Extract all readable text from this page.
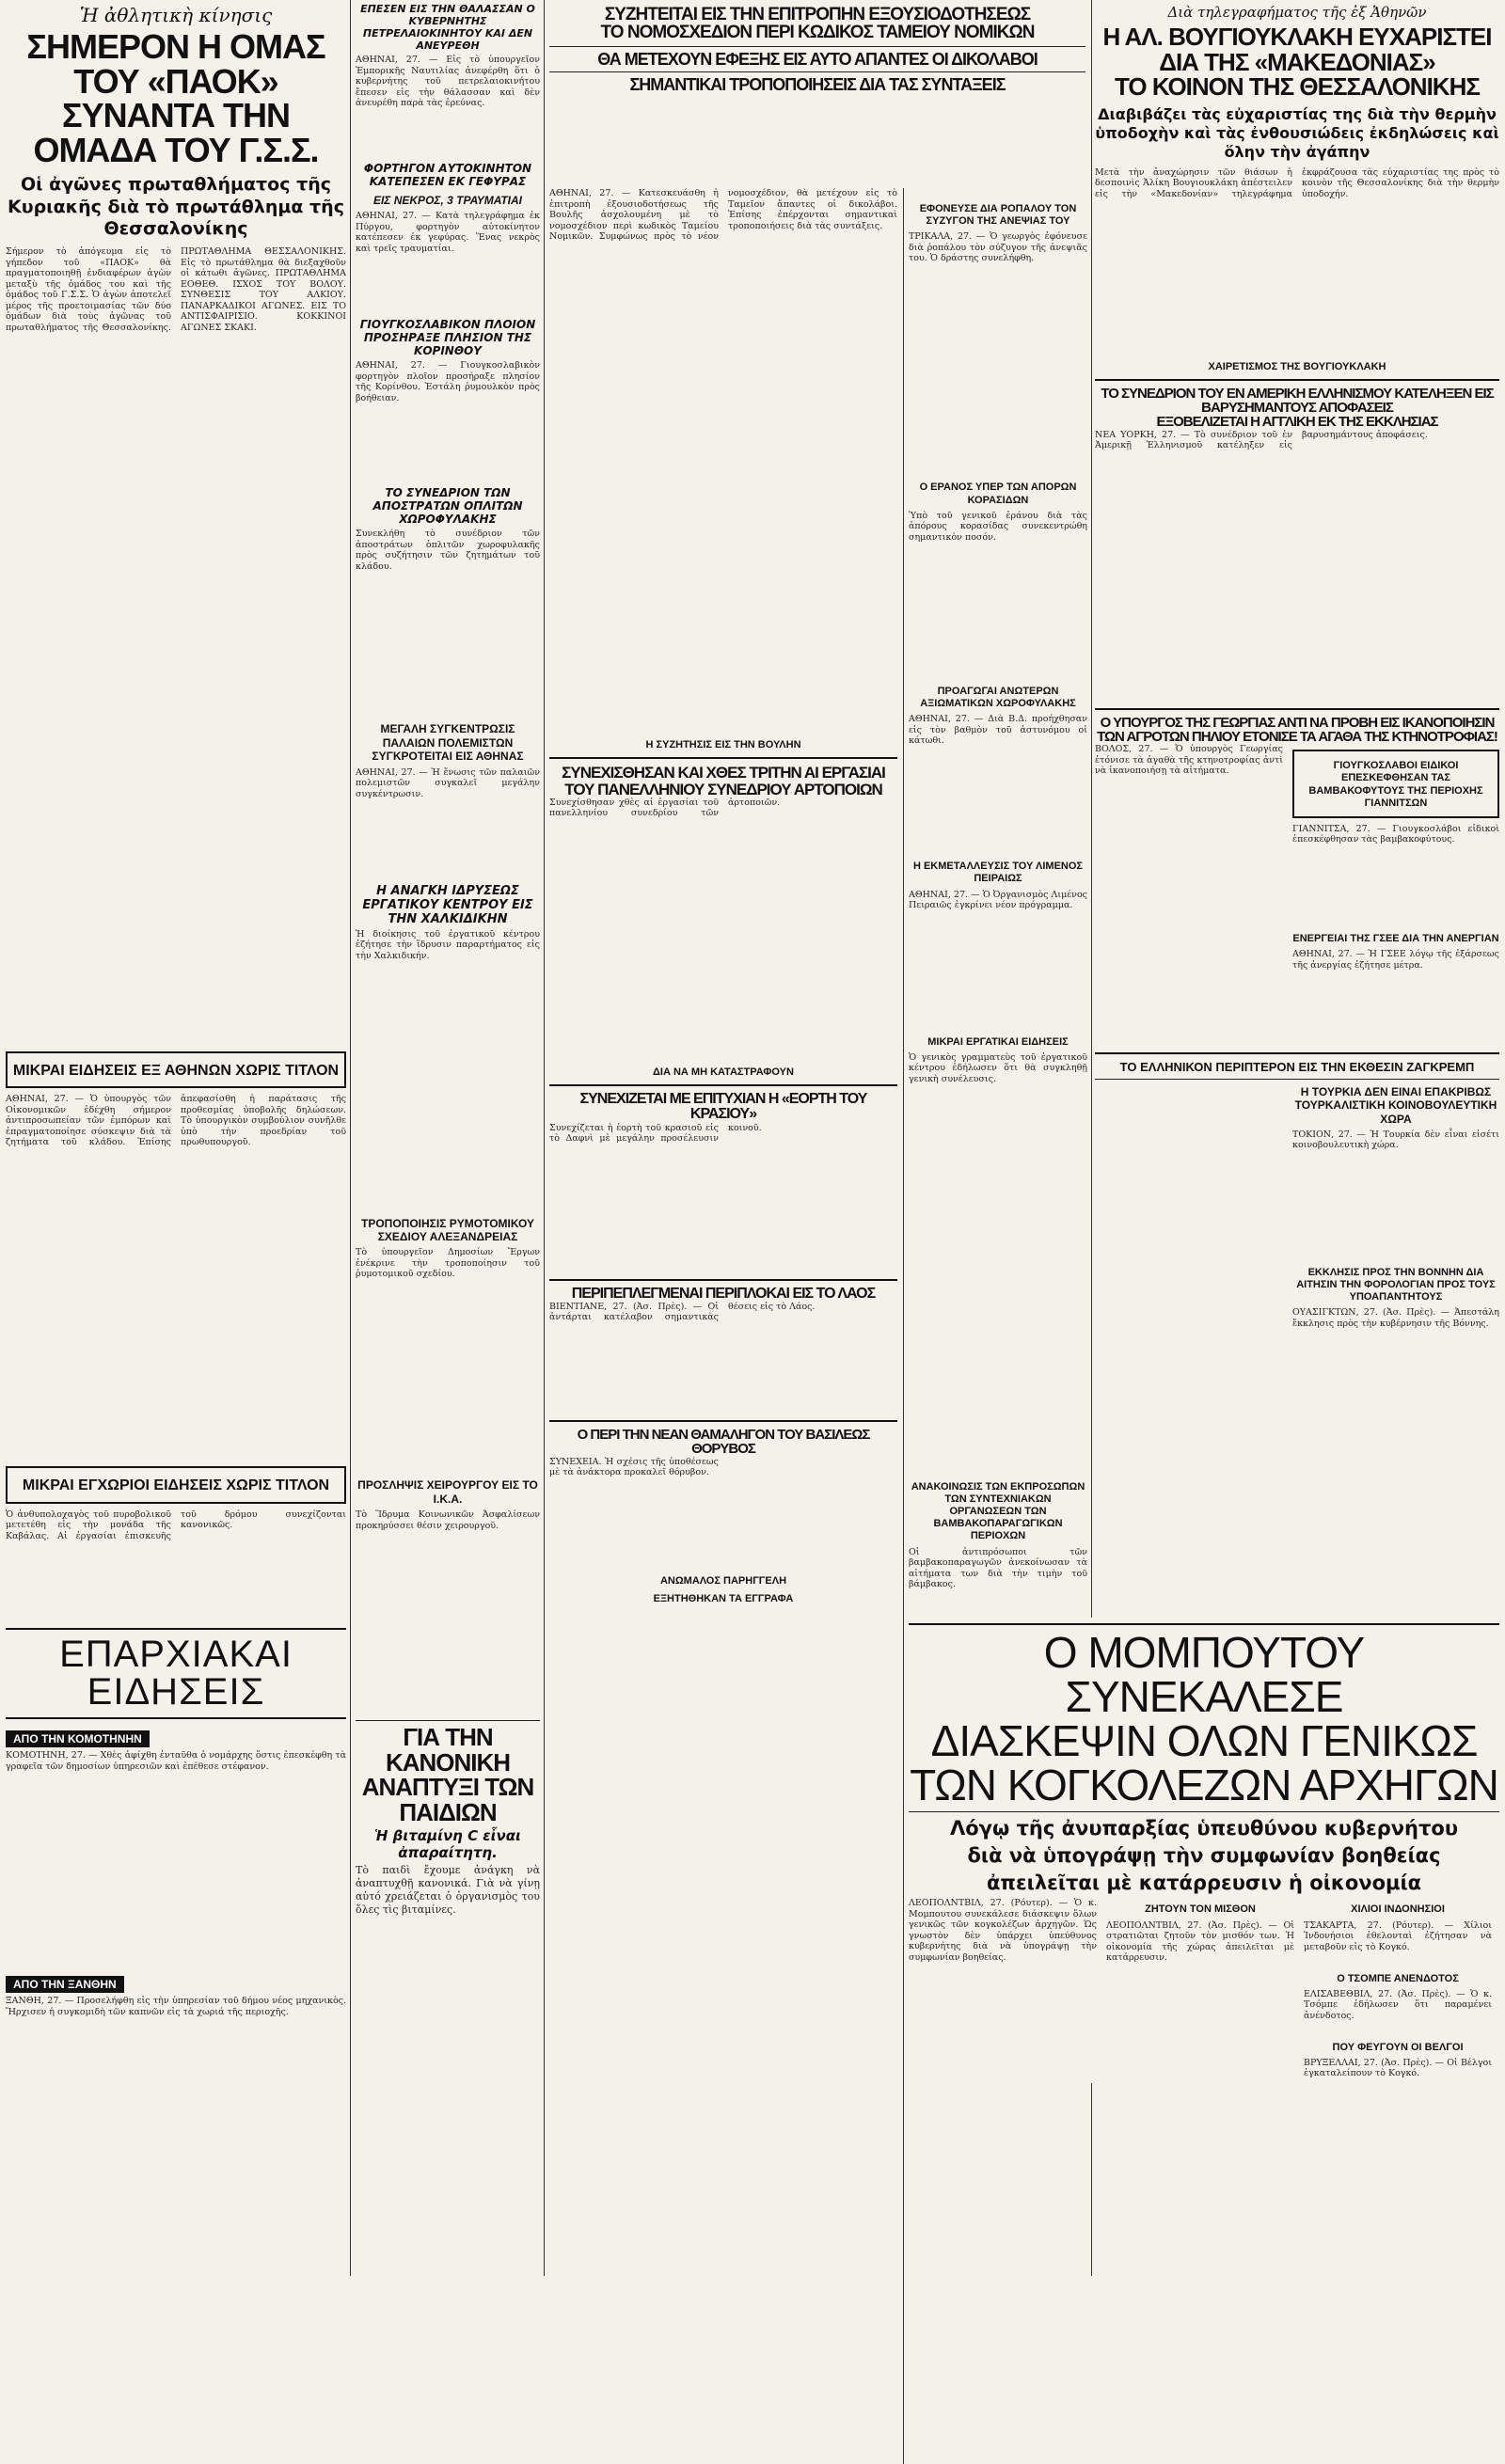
Ἡ ἀθλητικὴ κίνησις
ΣΗΜΕΡΟΝ Η ΟΜΑΣ ΤΟΥ «ΠΑΟΚ»
ΣΥΝΑΝΤΑ ΤΗΝ ΟΜΑΔΑ ΤΟΥ Γ.Σ.Σ.
Οἱ ἀγῶνες πρωταθλήματος τῆς Κυριακῆς διὰ τὸ πρωτάθλημα τῆς Θεσσαλονίκης
Σήμερον τὸ ἀπόγευμα εἰς τὸ γήπεδον τοῦ «ΠΑΟΚ» θὰ πραγματοποιηθῇ ἐνδιαφέρων ἀγὼν μεταξὺ τῆς ὁμάδος του καὶ τῆς ὁμάδος τοῦ Γ.Σ.Σ. Ὁ ἀγὼν ἀποτελεῖ μέρος τῆς προετοιμασίας τῶν δύο ὁμάδων διὰ τοὺς ἀγῶνας τοῦ πρωταθλήματος τῆς Θεσσαλονίκης. ΠΡΩΤΑΘΛΗΜΑ ΘΕΣΣΑΛΟΝΙΚΗΣ. Εἰς τὸ πρωτάθλημα θὰ διεξαχθοῦν οἱ κάτωθι ἀγῶνες. ΠΡΩΤΑΘΛΗΜΑ ΕΟΘΕΘ. ΙΣΧΟΣ ΤΟΥ ΒΟΛΟΥ. ΣΥΝΘΕΣΙΣ ΤΟΥ ΑΛΚΙΟΥ. ΠΑΝΑΡΚΑΔΙΚΟΙ ΑΓΩΝΕΣ. ΕΙΣ ΤΟ ΑΝΤΙΣΦΑΙΡΙΣΙΟ. ΚΟΚΚΙΝΟΙ ΑΓΩΝΕΣ ΣΚΑΚΙ.
ΜΙΚΡΑΙ ΕΙΔΗΣΕΙΣ ΕΞ ΑΘΗΝΩΝ ΧΩΡΙΣ ΤΙΤΛΟΝ
ΑΘΗΝΑΙ, 27. — Ὁ ὑπουργὸς τῶν Οἰκονομικῶν ἐδέχθη σήμερον ἀντιπροσωπείαν τῶν ἐμπόρων καὶ ἐπραγματοποίησε σύσκεψιν διὰ τὰ ζητήματα τοῦ κλάδου. Ἐπίσης ἀπεφασίσθη ἡ παράτασις τῆς προθεσμίας ὑποβολῆς δηλώσεων. Τὸ ὑπουργικὸν συμβούλιον συνῆλθε ὑπὸ τὴν προεδρίαν τοῦ πρωθυπουργοῦ.
ΜΙΚΡΑΙ ΕΓΧΩΡΙΟΙ ΕΙΔΗΣΕΙΣ ΧΩΡΙΣ ΤΙΤΛΟΝ
Ὁ ἀνθυπολοχαγὸς τοῦ πυροβολικοῦ μετετέθη εἰς τὴν μονάδα τῆς Καβάλας. Αἱ ἐργασίαι ἐπισκευῆς τοῦ δρόμου συνεχίζονται κανονικῶς.
ΕΠΑΡΧΙΑΚΑΙ ΕΙΔΗΣΕΙΣ
ΑΠΟ ΤΗΝ ΚΟΜΟΤΗΝΗΝ
ΚΟΜΟΤΗΝΗ, 27. — Χθὲς ἀφίχθη ἐνταῦθα ὁ νομάρχης ὅστις ἐπεσκέφθη τὰ γραφεῖα τῶν δημοσίων ὑπηρεσιῶν καὶ ἐπέθεσε στέφανον.
ΑΠΟ ΤΗΝ ΞΑΝΘΗΝ
ΞΑΝΘΗ, 27. — Προσελήφθη εἰς τὴν ὑπηρεσίαν τοῦ δήμου νέος μηχανικὸς. Ἤρχισεν ἡ συγκομιδὴ τῶν καπνῶν εἰς τὰ χωριά τῆς περιοχῆς.
ΕΠΕΣΕΝ ΕΙΣ ΤΗΝ ΘΑΛΑΣΣΑΝ Ο ΚΥΒΕΡΝΗΤΗΣ ΠΕΤΡΕΛΑΙΟΚΙΝΗΤΟΥ ΚΑΙ ΔΕΝ ΑΝΕΥΡΕΘΗ
ΑΘΗΝΑΙ, 27. — Εἰς τὸ ὑπουργεῖον Ἐμπορικῆς Ναυτιλίας ἀνεφέρθη ὅτι ὁ κυβερνήτης τοῦ πετρελαιοκινήτου ἔπεσεν εἰς τὴν θάλασσαν καὶ δὲν ἀνευρέθη παρὰ τὰς ἐρεύνας.
ΦΟΡΤΗΓΟΝ ΑΥΤΟΚΙΝΗΤΟΝ ΚΑΤΕΠΕΣΕΝ ΕΚ ΓΕΦΥΡΑΣ
ΕΙΣ ΝΕΚΡΟΣ, 3 ΤΡΑΥΜΑΤΙΑΙ
ΑΘΗΝΑΙ, 27. — Κατὰ τηλεγράφημα ἐκ Πύργου, φορτηγὸν αὐτοκίνητον κατέπεσεν ἐκ γεφύρας. Ἕνας νεκρὸς καὶ τρεῖς τραυματίαι.
ΓΙΟΥΓΚΟΣΛΑΒΙΚΟΝ ΠΛΟΙΟΝ ΠΡΟΣΗΡΑΞΕ ΠΛΗΣΙΟΝ ΤΗΣ ΚΟΡΙΝΘΟΥ
ΑΘΗΝΑΙ, 27. — Γιουγκοσλαβικὸν φορτηγὸν πλοῖον προσήραξε πλησίον τῆς Κορίνθου. Ἐστάλη ῥυμουλκὸν πρὸς βοήθειαν.
ΤΟ ΣΥΝΕΔΡΙΟΝ ΤΩΝ ΑΠΟΣΤΡΑΤΩΝ ΟΠΛΙΤΩΝ ΧΩΡΟΦΥΛΑΚΗΣ
Συνεκλήθη τὸ συνέδριον τῶν ἀποστράτων ὁπλιτῶν χωροφυλακῆς πρὸς συζήτησιν τῶν ζητημάτων τοῦ κλάδου.
ΜΕΓΑΛΗ ΣΥΓΚΕΝΤΡΩΣΙΣ ΠΑΛΑΙΩΝ ΠΟΛΕΜΙΣΤΩΝ ΣΥΓΚΡΟΤΕΙΤΑΙ ΕΙΣ ΑΘΗΝΑΣ
ΑΘΗΝΑΙ, 27. — Ἡ ἕνωσις τῶν παλαιῶν πολεμιστῶν συγκαλεῖ μεγάλην συγκέντρωσιν.
Η ΑΝΑΓΚΗ ΙΔΡΥΣΕΩΣ ΕΡΓΑΤΙΚΟΥ ΚΕΝΤΡΟΥ ΕΙΣ ΤΗΝ ΧΑΛΚΙΔΙΚΗΝ
Ἡ διοίκησις τοῦ ἐργατικοῦ κέντρου ἐζήτησε τὴν ἵδρυσιν παραρτήματος εἰς τὴν Χαλκιδικήν.
ΤΡΟΠΟΠΟΙΗΣΙΣ ΡΥΜΟΤΟΜΙΚΟΥ ΣΧΕΔΙΟΥ ΑΛΕΞΑΝΔΡΕΙΑΣ
Τὸ ὑπουργεῖον Δημοσίων Ἔργων ἐνέκρινε τὴν τροποποίησιν τοῦ ῥυμοτομικοῦ σχεδίου.
ΠΡΟΣΛΗΨΙΣ ΧΕΙΡΟΥΡΓΟΥ ΕΙΣ ΤΟ Ι.Κ.Α.
Τὸ Ἵδρυμα Κοινωνικῶν Ἀσφαλίσεων προκηρύσσει θέσιν χειρουργοῦ.
ΓΙΑ ΤΗΝ ΚΑΝΟΝΙΚΗ ΑΝΑΠΤΥΞΙ ΤΩΝ ΠΑΙΔΙΩΝ
Ἡ βιταμίνη C εἶναι ἀπαραίτητη.
Τὸ παιδὶ ἔχουμε ἀνάγκη νὰ ἀναπτυχθῇ κανονικά. Γιὰ νὰ γίνῃ αὐτό χρειάζεται ὁ ὀργανισμὸς του ὅλες τὶς βιταμίνες.
ΣΥΖΗΤΕΙΤΑΙ ΕΙΣ ΤΗΝ ΕΠΙΤΡΟΠΗΝ ΕΞΟΥΣΙΟΔΟΤΗΣΕΩΣ
ΤΟ ΝΟΜΟΣΧΕΔΙΟΝ ΠΕΡΙ ΚΩΔΙΚΟΣ ΤΑΜΕΙΟΥ ΝΟΜΙΚΩΝ
ΘΑ ΜΕΤΕΧΟΥΝ ΕΦΕΞΗΣ ΕΙΣ ΑΥΤΟ ΑΠΑΝΤΕΣ ΟΙ ΔΙΚΟΛΑΒΟΙ
ΣΗΜΑΝΤΙΚΑΙ ΤΡΟΠΟΠΟΙΗΣΕΙΣ ΔΙΑ ΤΑΣ ΣΥΝΤΑΞΕΙΣ
ΑΘΗΝΑΙ, 27. — Κατεσκευάσθη ἡ ἐπιτροπὴ ἐξουσιοδοτήσεως τῆς Βουλῆς ἀσχολουμένη μὲ τὸ νομοσχέδιον περὶ κωδικὸς Ταμείου Νομικῶν. Συμφώνως πρὸς τὸ νέον νομοσχέδιον, θὰ μετέχουν εἰς τὸ Ταμεῖον ἅπαντες οἱ δικολάβοι. Ἐπίσης ἐπέρχονται σημαντικαὶ τροποποιήσεις διὰ τὰς συντάξεις.
Η ΣΥΖΗΤΗΣΙΣ ΕΙΣ ΤΗΝ ΒΟΥΛΗΝ
ΣΥΝΕΧΙΣΘΗΣΑΝ ΚΑΙ ΧΘΕΣ ΤΡΙΤΗΝ ΑΙ ΕΡΓΑΣΙΑΙ ΤΟΥ ΠΑΝΕΛΛΗΝΙΟΥ ΣΥΝΕΔΡΙΟΥ ΑΡΤΟΠΟΙΩΝ
Συνεχίσθησαν χθὲς αἱ ἐργασίαι τοῦ πανελληνίου συνεδρίου τῶν ἀρτοποιῶν.
ΔΙΑ ΝΑ ΜΗ ΚΑΤΑΣΤΡΑΦΟΥΝ
ΣΥΝΕΧΙΖΕΤΑΙ ΜΕ ΕΠΙΤΥΧΙΑΝ Η «ΕΟΡΤΗ ΤΟΥ ΚΡΑΣΙΟΥ»
Συνεχίζεται ἡ ἑορτὴ τοῦ κρασιοῦ εἰς τὸ Δαφνὶ μὲ μεγάλην προσέλευσιν κοινοῦ.
ΠΕΡΙΠΕΠΛΕΓΜΕΝΑΙ ΠΕΡΙΠΛΟΚΑΙ ΕΙΣ ΤΟ ΛΑΟΣ
ΒΙΕΝΤΙΑΝΕ, 27. (Ἀσ. Πρὲς). — Οἱ ἀντάρται κατέλαβον σημαντικὰς θέσεις εἰς τὸ Λάος.
Ο ΠΕΡΙ ΤΗΝ ΝΕΑΝ ΘΑΜΑΛΗΓΟΝ ΤΟΥ ΒΑΣΙΛΕΩΣ ΘΟΡΥΒΟΣ
ΣΥΝΕΧΕΙΑ. Ἡ σχέσις τῆς ὑποθέσεως μὲ τὰ ἀνάκτορα προκαλεῖ θόρυβον.
ΑΝΩΜΑΛΟΣ ΠΑΡΗΓΓΕΛΗ
ΕΞΗΤΗΘΗΚΑΝ ΤΑ ΕΓΓΡΑΦΑ
ΕΦΟΝΕΥΣΕ ΔΙΑ ΡΟΠΑΛΟΥ ΤΟΝ ΣΥΖΥΓΟΝ ΤΗΣ ΑΝΕΨΙΑΣ ΤΟΥ
ΤΡΙΚΑΛΑ, 27. — Ὁ γεωργὸς ἐφόνευσε διὰ ῥοπάλου τὸν σύζυγον τῆς ἀνεψιᾶς του. Ὁ δράστης συνελήφθη.
Ο ΕΡΑΝΟΣ ΥΠΕΡ ΤΩΝ ΑΠΟΡΩΝ ΚΟΡΑΣΙΔΩΝ
Ὑπὸ τοῦ γενικοῦ ἐράνου διὰ τὰς ἀπόρους κορασίδας συνεκεντρώθη σημαντικὸν ποσόν.
ΠΡΟΑΓΩΓΑΙ ΑΝΩΤΕΡΩΝ ΑΞΙΩΜΑΤΙΚΩΝ ΧΩΡΟΦΥΛΑΚΗΣ
ΑΘΗΝΑΙ, 27. — Διὰ Β.Δ. προήχθησαν εἰς τὸν βαθμὸν τοῦ ἀστυνόμου οἱ κάτωθι.
Η ΕΚΜΕΤΑΛΛΕΥΣΙΣ ΤΟΥ ΛΙΜΕΝΟΣ ΠΕΙΡΑΙΩΣ
ΑΘΗΝΑΙ, 27. — Ὁ Ὀργανισμὸς Λιμένος Πειραιῶς ἐγκρίνει νέον πρόγραμμα.
ΜΙΚΡΑΙ ΕΡΓΑΤΙΚΑΙ ΕΙΔΗΣΕΙΣ
Ὁ γενικὸς γραμματεὺς τοῦ ἐργατικοῦ κέντρου ἐδήλωσεν ὅτι θὰ συγκληθῇ γενικὴ συνέλευσις.
ΑΝΑΚΟΙΝΩΣΙΣ ΤΩΝ ΕΚΠΡΟΣΩΠΩΝ ΤΩΝ ΣΥΝΤΕΧΝΙΑΚΩΝ ΟΡΓΑΝΩΣΕΩΝ ΤΩΝ ΒΑΜΒΑΚΟΠΑΡΑΓΩΓΙΚΩΝ ΠΕΡΙΟΧΩΝ
Οἱ ἀντιπρόσωποι τῶν βαμβακοπαραγωγῶν ἀνεκοίνωσαν τὰ αἰτήματα των διὰ τὴν τιμὴν τοῦ βάμβακος.
Διὰ τηλεγραφήματος τῆς ἐξ Ἀθηνῶν
Η ΑΛ. ΒΟΥΓΙΟΥΚΛΑΚΗ ΕΥΧΑΡΙΣΤΕΙ ΔΙΑ ΤΗΣ «ΜΑΚΕΔΟΝΙΑΣ»
ΤΟ ΚΟΙΝΟΝ ΤΗΣ ΘΕΣΣΑΛΟΝΙΚΗΣ
Διαβιβάζει τὰς εὐχαριστίας της διὰ τὴν θερμὴν ὑποδοχὴν καὶ τὰς ἐνθουσιώδεις ἐκδηλώσεις καὶ ὅλην τὴν ἀγάπην
Μετὰ τὴν ἀναχώρησιν τῶν θιάσων ἡ δεσποινὶς Ἀλίκη Βουγιουκλάκη ἀπέστειλεν εἰς τὴν «Μακεδονίαν» τηλεγράφημα ἐκφράζουσα τὰς εὐχαριστίας της πρὸς τὸ κοινὸν τῆς Θεσσαλονίκης διὰ τὴν θερμὴν ὑποδοχήν.
ΧΑΙΡΕΤΙΣΜΟΣ ΤΗΣ ΒΟΥΓΙΟΥΚΛΑΚΗ
ΤΟ ΣΥΝΕΔΡΙΟΝ ΤΟΥ ΕΝ ΑΜΕΡΙΚΗ ΕΛΛΗΝΙΣΜΟΥ ΚΑΤΕΛΗΞΕΝ ΕΙΣ ΒΑΡΥΣΗΜΑΝΤΟΥΣ ΑΠΟΦΑΣΕΙΣ
ΕΞΟΒΕΛΙΖΕΤΑΙ Η ΑΓΓΛΙΚΗ ΕΚ ΤΗΣ ΕΚΚΛΗΣΙΑΣ
ΝΕΑ ΥΟΡΚΗ, 27. — Τὸ συνέδριον τοῦ ἐν Ἀμερικῇ Ἑλληνισμοῦ κατέληξεν εἰς βαρυσημάντους ἀποφάσεις.
Ο ΥΠΟΥΡΓΟΣ ΤΗΣ ΓΕΩΡΓΙΑΣ ΑΝΤΙ ΝΑ ΠΡΟΒΗ ΕΙΣ ΙΚΑΝΟΠΟΙΗΣΙΝ ΤΩΝ ΑΓΡΟΤΩΝ ΠΗΛΙΟΥ ΕΤΟΝΙΣΕ ΤΑ ΑΓΑΘΑ ΤΗΣ ΚΤΗΝΟΤΡΟΦΙΑΣ!
ΒΟΛΟΣ, 27. — Ὁ ὑπουργὸς Γεωργίας ἐτόνισε τὰ ἀγαθὰ τῆς κτηνοτροφίας ἀντὶ νὰ ἱκανοποιήσῃ τὰ αἰτήματα.	ΓΙΟΥΓΚΟΣΛΑΒΟΙ ΕΙΔΙΚΟΙ ΕΠΕΣΚΕΦΘΗΣΑΝ ΤΑΣ ΒΑΜΒΑΚΟΦΥΤΟΥΣ ΤΗΣ ΠΕΡΙΟΧΗΣ ΓΙΑΝΝΙΤΣΩΝ
ΓΙΑΝΝΙΤΣΑ, 27. — Γιουγκοσλάβοι εἰδικοὶ ἐπεσκέφθησαν τὰς βαμβακοφύτους.
ΕΝΕΡΓΕΙΑΙ ΤΗΣ ΓΣΕΕ ΔΙΑ ΤΗΝ ΑΝΕΡΓΙΑΝ
ΑΘΗΝΑΙ, 27. — Ἡ ΓΣΕΕ λόγῳ τῆς ἐξάρσεως τῆς ἀνεργίας ἐζήτησε μέτρα.
ΤΟ ΕΛΛΗΝΙΚΟΝ ΠΕΡΙΠΤΕΡΟΝ ΕΙΣ ΤΗΝ ΕΚΘΕΣΙΝ ΖΑΓΚΡΕΜΠ
Η ΤΟΥΡΚΙΑ ΔΕΝ ΕΙΝΑΙ ΕΠΑΚΡΙΒΩΣ ΤΟΥΡΚΑΛΙΣΤΙΚΗ ΚΟΙΝΟΒΟΥΛΕΥΤΙΚΗ ΧΩΡΑ
ΤΟΚΙΟΝ, 27. — Ἡ Τουρκία δὲν εἶναι εἰσέτι κοινοβουλευτικὴ χώρα.
ΕΚΚΛΗΣΙΣ ΠΡΟΣ ΤΗΝ ΒΟΝΝΗΝ ΔΙΑ ΑΙΤΗΣΙΝ ΤΗΝ ΦΟΡΟΛΟΓΙΑΝ ΠΡΟΣ ΤΟΥΣ ΥΠΟΑΠΑΝΤΗΤΟΥΣ
ΟΥΑΣΙΓΚΤΩΝ, 27. (Ἀσ. Πρὲς). — Ἀπεστάλη ἔκκλησις πρὸς τὴν κυβέρνησιν τῆς Βόννης.
Ο ΜΟΜΠΟΥΤΟΥ ΣΥΝΕΚΑΛΕΣΕ
ΔΙΑΣΚΕΨΙΝ ΟΛΩΝ ΓΕΝΙΚΩΣ
ΤΩΝ ΚΟΓΚΟΛΕΖΩΝ ΑΡΧΗΓΩΝ
Λόγῳ τῆς ἀνυπαρξίας ὑπευθύνου κυβερνήτου
διὰ νὰ ὑπογράψῃ τὴν συμφωνίαν βοηθείας
ἀπειλεῖται μὲ κατάρρευσιν ἡ οἰκονομία
ΛΕΟΠΟΛΝΤΒΙΛ, 27. (Ρόυτερ). — Ὁ κ. Μομπουτου συνεκάλεσε διάσκεψιν ὅλων γενικῶς τῶν κογκολέζων ἀρχηγῶν. Ὡς γνωστὸν δὲν ὑπάρχει ὑπεύθυνος κυβερνήτης διὰ νὰ ὑπογράψῃ τὴν συμφωνίαν βοηθείας.
ΖΗΤΟΥΝ ΤΟΝ ΜΙΣΘΟΝ
ΛΕΟΠΟΛΝΤΒΙΛ, 27. (Ἀσ. Πρὲς). — Οἱ στρατιῶται ζητοῦν τὸν μισθόν των. Ἡ οἰκονομία τῆς χώρας ἀπειλεῖται μὲ κατάρρευσιν.
ΧΙΛΙΟΙ ΙΝΔΟΝΗΣΙΟΙ
ΤΣΑΚΑΡΤΑ, 27. (Ρόυτερ). — Χίλιοι Ἰνδονήσιοι ἐθελονταὶ ἐζήτησαν νὰ μεταβοῦν εἰς τὸ Κογκό.
Ο ΤΣΟΜΠΕ ΑΝΕΝΔΟΤΟΣ
ΕΛΙΣΑΒΕΘΒΙΛ, 27. (Ἀσ. Πρὲς). — Ὁ κ. Τσόμπε ἐδήλωσεν ὅτι παραμένει ἀνένδοτος.
ΠΟΥ ΦΕΥΓΟΥΝ ΟΙ ΒΕΛΓΟΙ
ΒΡΥΞΕΛΛΑΙ, 27. (Ἀσ. Πρὲς). — Οἱ Βέλγοι ἐγκαταλείπουν τὸ Κογκό.
